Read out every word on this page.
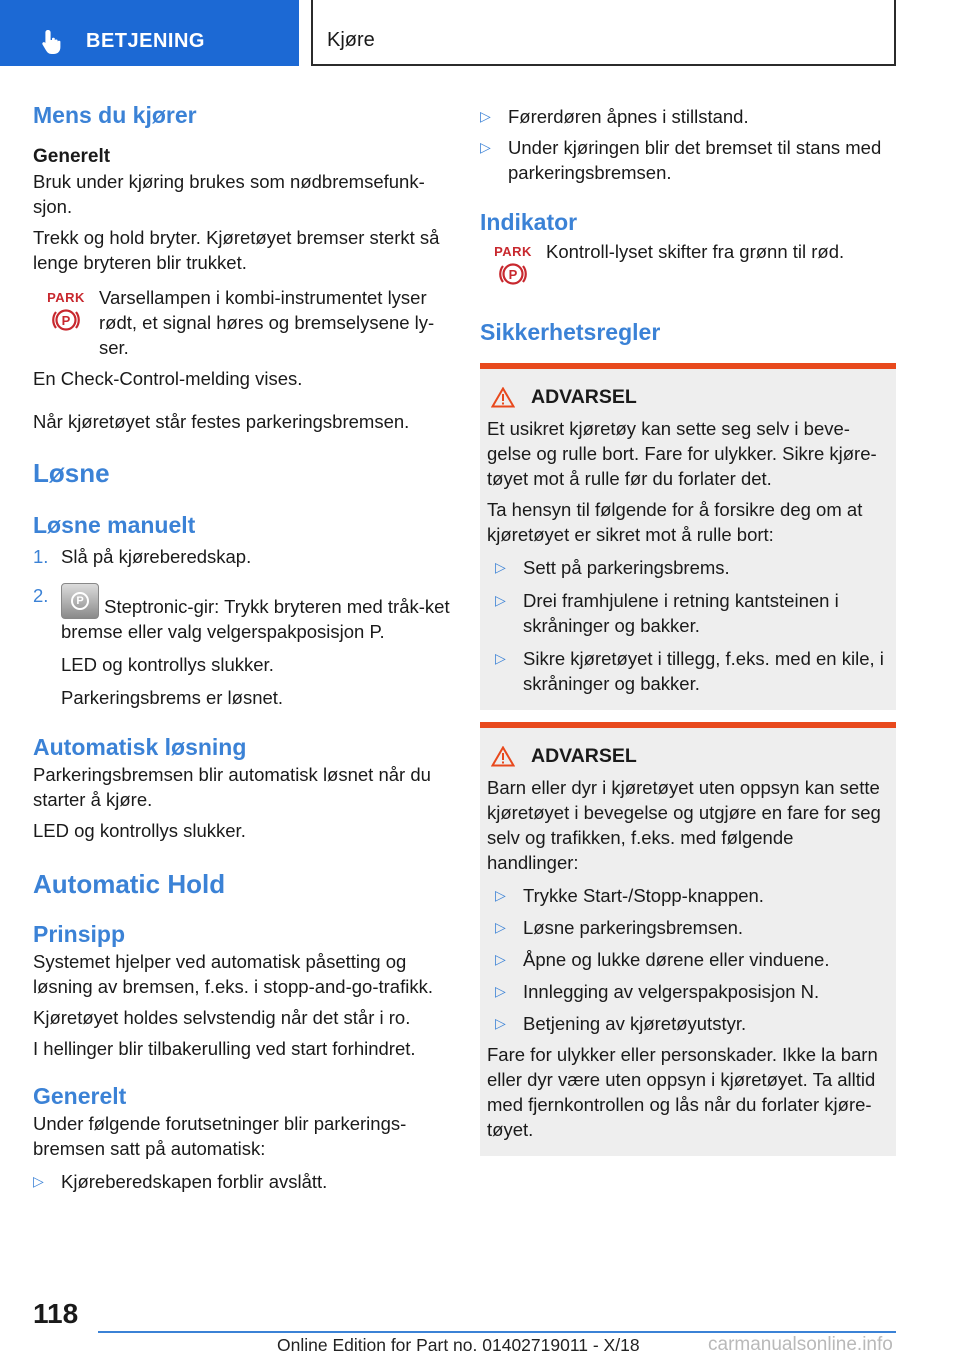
BETJENING	Kjøre
Mens du kjører
Generelt

Bruk under kjøring brukes som nødbremsefunk-sjon.

Trekk og hold bryter. Kjøretøyet bremser sterkt så lenge bryteren blir trukket.

PARK
P

Varsellampen i kombi-instrumentet lyser rødt, et signal høres og bremselysene ly-ser.

En Check-Control-melding vises.

Når kjøretøyet står festes parkeringsbremsen.

Løsne
Løsne manuelt
1. Slå på kjøreberedskap.
2.	P Steptronic-gir: Trykk bryteren med tråk-ket bremse eller valg velgerspakposisjon P.

LED og kontrollys slukker.

Parkeringsbrems er løsnet.

Automatisk løsning

Parkeringsbremsen blir automatisk løsnet når du starter å kjøre.

LED og kontrollys slukker.

Automatic Hold
Prinsipp

Systemet hjelper ved automatisk påsetting og løsning av bremsen, f.eks. i stopp-and-go-trafikk.

Kjøretøyet holdes selvstendig når det står i ro.

I hellinger blir tilbakerulling ved start forhindret.

Generelt

Under følgende forutsetninger blir parkerings-bremsen satt på automatisk:

▷ Kjøreberedskapen forblir avslått.
▷ Førerdøren åpnes i stillstand.
▷ Under kjøringen blir det bremset til stans med parkeringsbremsen.
Indikator
PARK
P

Kontroll-lyset skifter fra grønn til rød.

Sikkerhetsregler
ADVARSEL

Et usikret kjøretøy kan sette seg selv i beve-gelse og rulle bort. Fare for ulykker. Sikre kjøre-tøyet mot å rulle før du forlater det.

Ta hensyn til følgende for å forsikre deg om at kjøretøyet er sikret mot å rulle bort:

▷ Sett på parkeringsbrems.
▷ Drei framhjulene i retning kantsteinen i skråninger og bakker.
▷ Sikre kjøretøyet i tillegg, f.eks. med en kile, i skråninger og bakker.
ADVARSEL

Barn eller dyr i kjøretøyet uten oppsyn kan sette kjøretøyet i bevegelse og utgjøre en fare for seg selv og trafikken, f.eks. med følgende handlinger:

▷ Trykke Start-/Stopp-knappen.
▷ Løsne parkeringsbremsen.
▷ Åpne og lukke dørene eller vinduene.
▷ Innlegging av velgerspakposisjon N.
▷ Betjening av kjøretøyutstyr.

Fare for ulykker eller personskader. Ikke la barn eller dyr være uten oppsyn i kjøretøyet. Ta alltid med fjernkontrollen og lås når du forlater kjøre-tøyet.

118
Online Edition for Part no. 01402719011 - X/18	carmanualsonline.info
